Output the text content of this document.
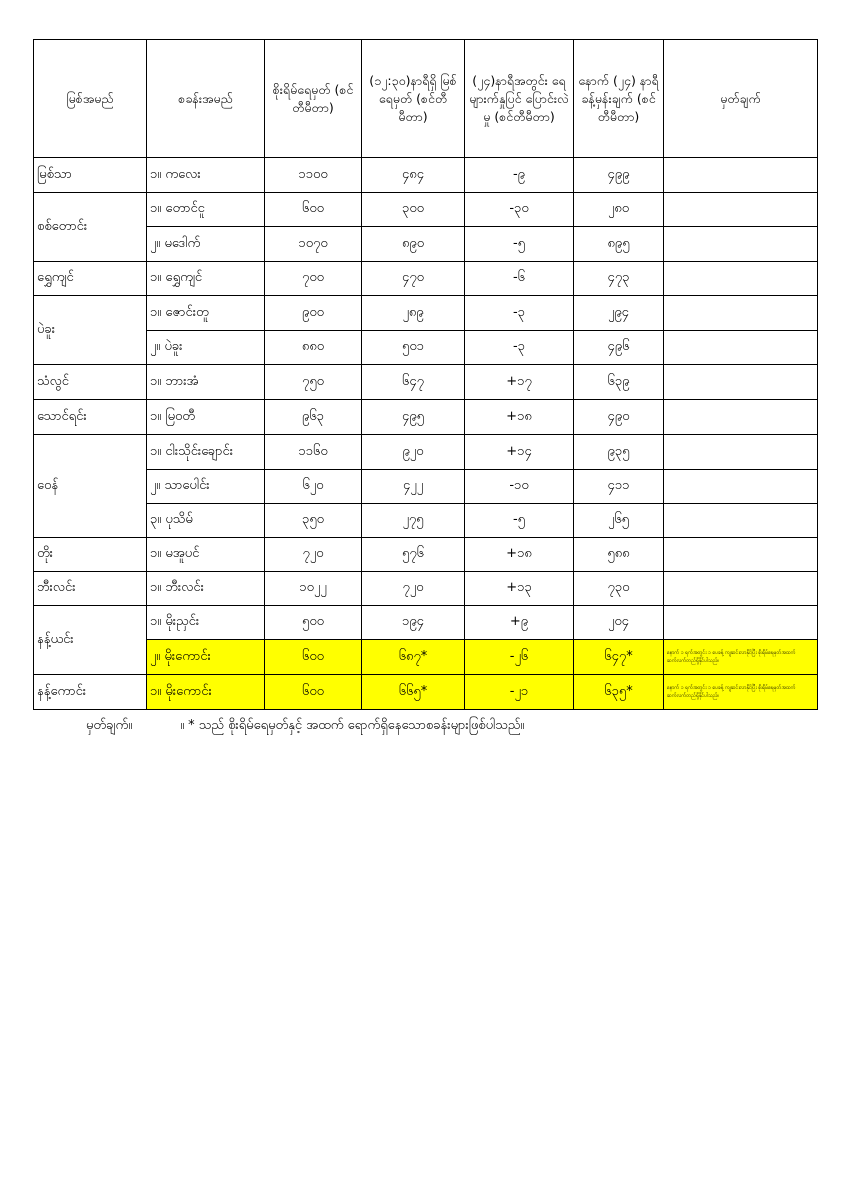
မြစ်အမည်	စခန်းအမည်	စိုးရိမ်ရေမှတ် (စင်တီမီတာ)	(၁၂:၃၀)နာရီရှိ မြစ်ရေမှတ် (စင်တီမီတာ)	(၂၄)နာရီအတွင်း ရေများက်နှုပြင် ပြောင်းလဲမှု (စင်တီမီတာ)	နောက် (၂၄) နာရီ ခန့်မှန်းချက် (စင်တီမီတာ)	မှတ်ချက်
မြစ်သာ	၁။ ကလေး	၁၁၀၀	၄၈၄	-၉	၄၉၉	
စစ်တောင်း	၁။ တောင်ငူ	၆၀၀	၃၀၀	-၃၀	၂၈၀	
	၂။ မဒေါက်	၁၀၇၀	၈၉၀	-၅	၈၉၅	
ရွှေကျင်	၁။ ရွှေကျင်	၇၀၀	၄၇၀	-၆	၄၇၃	
ပဲခူး	၁။ ဇောင်းတူ	၉၀၀	၂၈၉	-၃	၂၉၄	
	၂။ ပဲခူး	၈၈၀	၅၀၁	-၃	၄၉၆	
သံလွင်	၁။ ဘားအံ	၇၅၀	၆၄၇	+၁၇	၆၃၉	
သောင်ရင်း	၁။ မြဝတီ	၉၆၃	၄၉၅	+၁၈	၄၉၀	
ဝေန်	၁။ ငါးသိုင်းချောင်း	၁၁၆၀	၉၂၀	+၁၄	၉၃၅	
	၂။ သာပေါင်း	၆၂၀	၄၂၂	-၁၀	၄၁၁	
	၃။ ပုသိမ်	၃၅၀	၂၇၅	-၅	၂၆၅	
တိုး	၁။ မအူပင်	၇၂၀	၅၇၆	+၁၈	၅၈၈	
ဘီးလင်း	၁။ ဘီးလင်း	၁၀၂၂	၇၂၀	+၁၃	၇၃၀	
နန့်ယင်း	၁။ မိုးညှင်း	၅၀၀	၁၉၄	+၉	၂၀၄	
	၂။ မိုးကောင်း	၆၀၀	၆၈၇*	-၂၆	၆၄၇*	နောက် ၁ ရက်အတွင်း ၁ ပေခန့် ကျဆင်းလာနိုင်ပြီး စိုးရိမ်ရေမှတ်အထက်ဆက်လက်တည်ရှိနိုင်ပါသည်။
နန့်ကောင်း	၁။ မိုးကောင်း	၆၀၀	၆၆၅*	-၂၁	၆၃၅*	နောက် ၁ ရက်အတွင်း ၁ ပေခန့် ကျဆင်းလာနိုင်ပြီး စိုးရိမ်ရေမှတ်အထက်ဆက်လက်တည်ရှိနိုင်ပါသည်။
မှတ်ချက်။	။ * သည် စိုးရိမ်ရေမှတ်နှင့် အထက် ရောက်ရှိနေသောစခန်းများဖြစ်ပါသည်။
